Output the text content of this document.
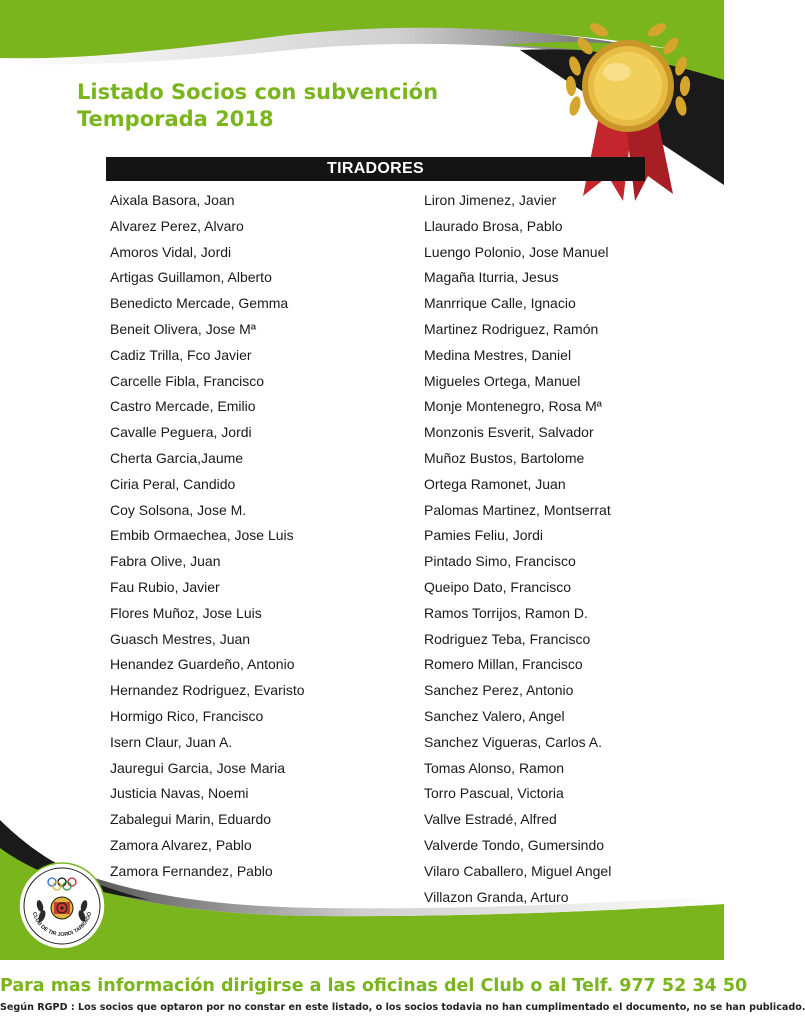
Listado Socios con subvención
Temporada 2018
TIRADORES
Aixala Basora, Joan
Alvarez Perez, Alvaro
Amoros Vidal, Jordi
Artigas Guillamon, Alberto
Benedicto Mercade, Gemma
Beneit Olivera, Jose Mª
Cadiz Trilla, Fco Javier
Carcelle Fibla, Francisco
Castro Mercade, Emilio
Cavalle Peguera, Jordi
Cherta Garcia,Jaume
Ciria Peral, Candido
Coy Solsona, Jose M.
Embib Ormaechea, Jose Luis
Fabra Olive, Juan
Fau Rubio, Javier
Flores Muñoz, Jose Luis
Guasch Mestres, Juan
Henandez Guardeño, Antonio
Hernandez Rodriguez, Evaristo
Hormigo Rico, Francisco
Isern Claur, Juan A.
Jauregui Garcia, Jose Maria
Justicia Navas, Noemi
Zabalegui Marin, Eduardo
Zamora Alvarez, Pablo
Zamora Fernandez, Pablo
Liron Jimenez, Javier
Llaurado Brosa, Pablo
Luengo Polonio, Jose Manuel
Magaña Iturria, Jesus
Manrrique Calle, Ignacio
Martinez Rodriguez, Ramón
Medina Mestres, Daniel
Migueles Ortega, Manuel
Monje Montenegro, Rosa Mª
Monzonis Esverit, Salvador
Muñoz Bustos, Bartolome
Ortega Ramonet, Juan
Palomas Martinez, Montserrat
Pamies Feliu, Jordi
Pintado Simo, Francisco
Queipo Dato, Francisco
Ramos Torrijos, Ramon D.
Rodriguez Teba, Francisco
Romero Millan, Francisco
Sanchez Perez, Antonio
Sanchez Valero, Angel
Sanchez Vigueras, Carlos A.
Tomas Alonso, Ramon
Torro Pascual, Victoria
Vallve Estradé, Alfred
Valverde Tondo, Gumersindo
Vilaro Caballero, Miguel Angel
Villazon Granda, Arturo
CLUB DE TIR JORDI TARRAGÓ
Para mas información dirigirse a las oficinas del Club o al Telf. 977 52 34 50
Según RGPD : Los socios que optaron por no constar en este listado, o los socios todavia no han cumplimentado el documento, no se han publicado.
